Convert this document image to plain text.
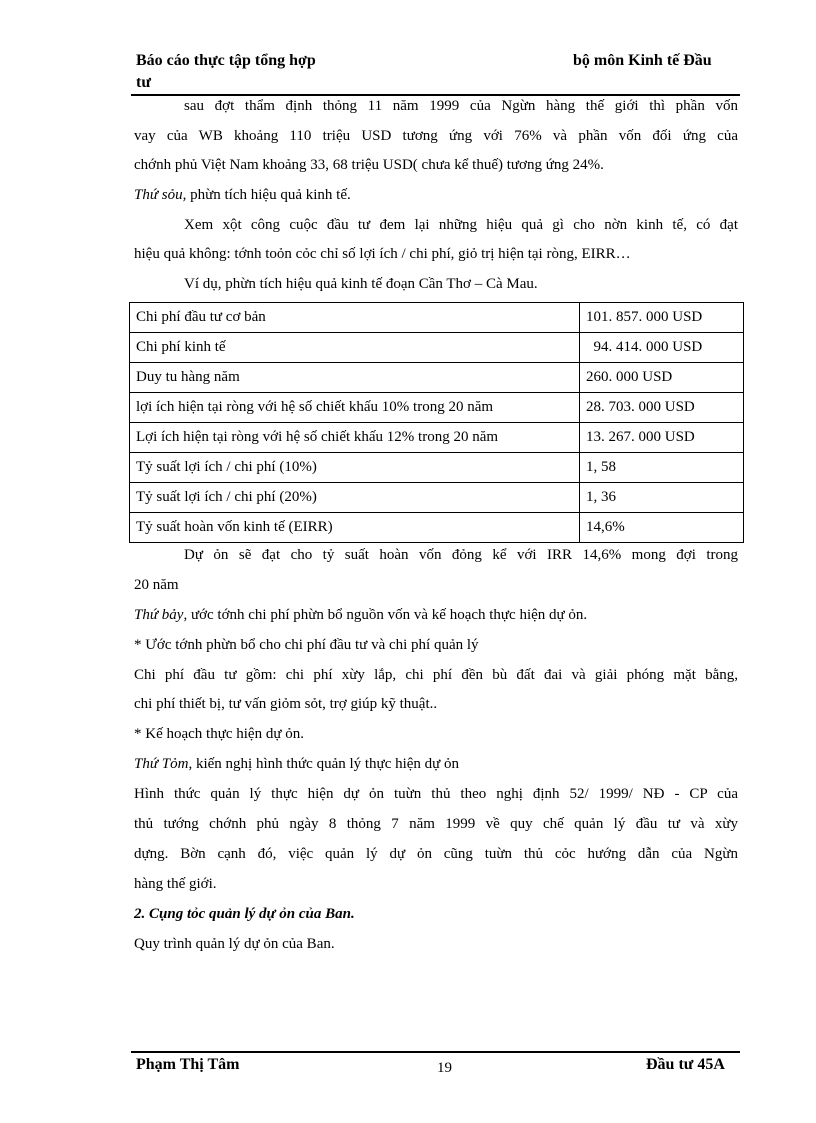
Báo cáo thực tập tổng hợp
tư
bộ môn Kinh tế Đầu
sau đợt thẩm định thỏng 11 năm 1999 của Ngừn hàng thế giới thì phần vốn
vay của WB khoảng 110 triệu USD tương ứng với 76% và phần vốn đối ứng của
chớnh phủ Việt Nam khoảng 33, 68 triệu USD( chưa kể thuế) tương ứng 24%.
Thứ sỏu, phừn tích hiệu quả kinh tế.
Xem xột công cuộc đầu tư đem lại những hiệu quả gì cho nờn kinh tế, có đạt
hiệu quả không: tớnh toỏn cỏc chỉ số lợi ích / chi phí, giỏ trị hiện tại ròng, EIRR…
Ví dụ, phừn tích hiệu quả kinh tế đoạn Cần Thơ – Cà Mau.
Chi phí đầu tư cơ bản	101. 857. 000 USD
Chi phí kinh tế	94. 414. 000 USD
Duy tu hàng năm	260. 000 USD
lợi ích hiện tại ròng với hệ số chiết khấu 10% trong 20 năm	28. 703. 000 USD
Lợi ích hiện tại ròng với hệ số chiết khấu 12% trong 20 năm	13. 267. 000 USD
Tỷ suất lợi ích / chi phí (10%)	1, 58
Tỷ suất lợi ích / chi phí (20%)	1, 36
Tỷ suất hoàn vốn kinh tế (EIRR)	14,6%
Dự ỏn sẽ đạt cho tỷ suất hoàn vốn đỏng kể với IRR 14,6% mong đợi trong
20 năm
Thứ bảy, ước tớnh chi phí phừn bổ nguồn vốn và kế hoạch thực hiện dự ỏn.
* Ước tớnh phừn bổ cho chi phí đầu tư và chi phí quản lý
Chi phí đầu tư gồm: chi phí xừy lắp, chi phí đền bù đất đai và giải phóng mặt bằng,
chi phí thiết bị, tư vấn giỏm sỏt, trợ giúp kỹ thuật..
* Kế hoạch thực hiện dự ỏn.
Thứ Tỏm, kiến nghị hình thức quản lý thực hiện dự ỏn
Hình thức quản lý thực hiện dự ỏn tuừn thủ theo nghị định 52/ 1999/ NĐ - CP của
thủ tướng chớnh phủ ngày 8 thỏng 7 năm 1999 về quy chế quản lý đầu tư và xừy
dựng. Bờn cạnh đó, việc quản lý dự ỏn cũng tuừn thủ cỏc hướng dẫn của Ngừn
hàng thế giới.
2. Cụng tỏc quản lý dự ỏn của Ban.
Quy trình quản lý dự ỏn của Ban.
Phạm Thị Tâm	19	Đầu tư 45A
